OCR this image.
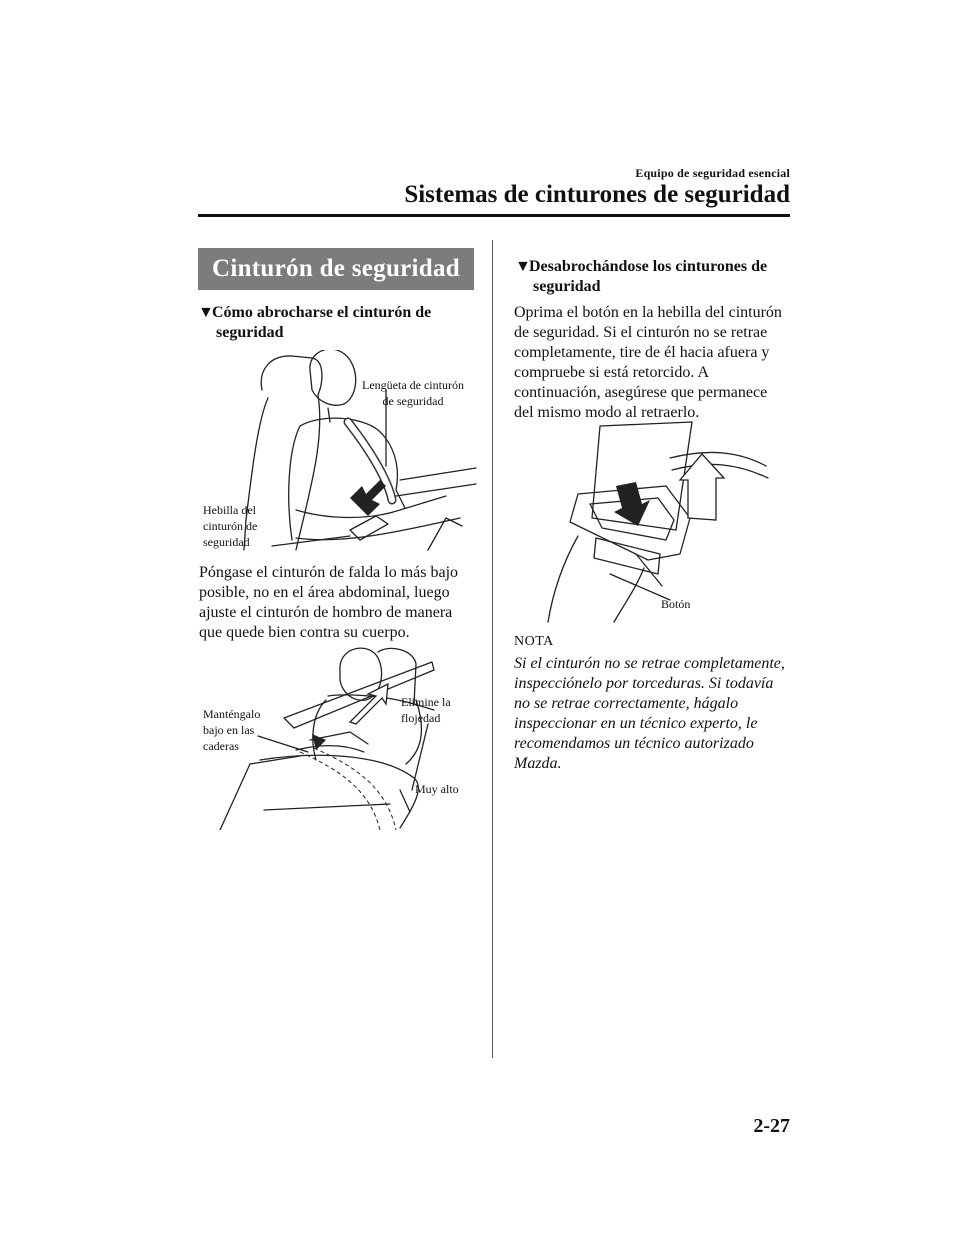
Equipo de seguridad esencial
Sistemas de cinturones de seguridad
Cinturón de seguridad
▼Cómo abrocharse el cinturón de
seguridad
Lengüeta de cinturón
de seguridad
Hebilla del
cinturón de
seguridad
Póngase el cinturón de falda lo más bajo
posible, no en el área abdominal, luego
ajuste el cinturón de hombro de manera
que quede bien contra su cuerpo.
Manténgalo
bajo en las
caderas
Elimine la
flojedad
Muy alto
▼Desabrochándose los cinturones de
seguridad
Oprima el botón en la hebilla del cinturón
de seguridad. Si el cinturón no se retrae
completamente, tire de él hacia afuera y
compruebe si está retorcido. A
continuación, asegúrese que permanece
del mismo modo al retraerlo.
Botón
NOTA
Si el cinturón no se retrae completamente,
inspecciónelo por torceduras. Si todavía
no se retrae correctamente, hágalo
inspeccionar en un técnico experto, le
recomendamos un técnico autorizado
Mazda.
2-27
